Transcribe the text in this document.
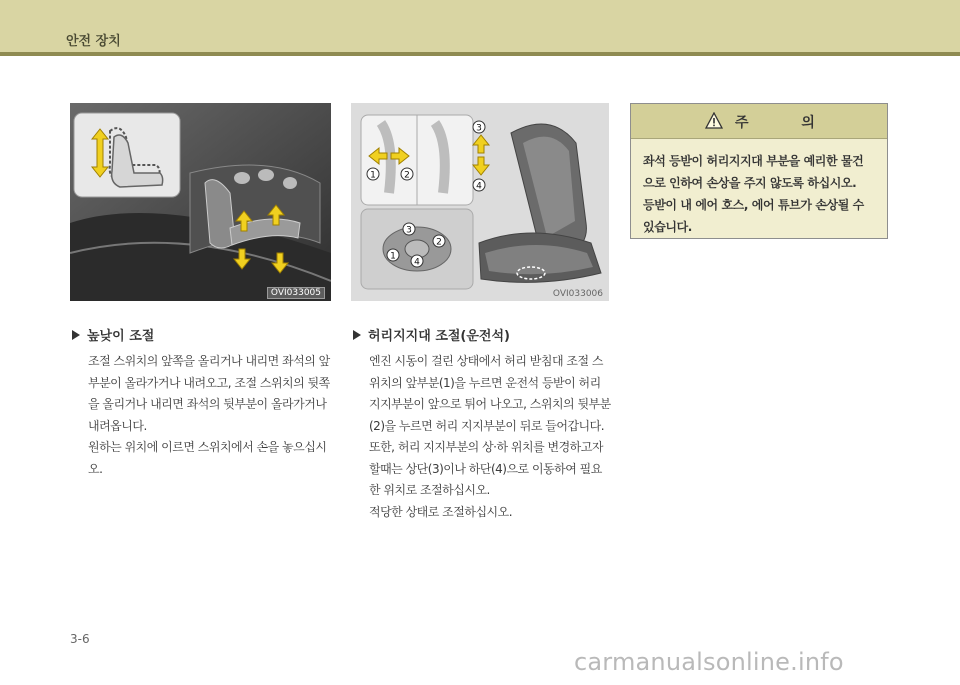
안전 장치
OVI033005
1	2
3
4
1
2
3
4
OVI033006
주 의
좌석 등받이 허리지지대 부분을 예리한 물건
으로 인하여 손상을 주지 않도록 하십시오.
등받이 내 에어 호스, 에어 튜브가 손상될 수
있습니다.
높낮이 조절

조절 스위치의 앞쪽을 올리거나 내리면 좌석의 앞부분이 올라가거나 내려오고, 조절 스위치의 뒷쪽을 올리거나 내리면 좌석의 뒷부분이 올라가거나 내려옵니다.

원하는 위치에 이르면 스위치에서 손을 놓으십시오.

허리지지대 조절(운전석)

엔진 시동이 걸린 상태에서 허리 받침대 조절 스위치의 앞부분(1)을 누르면 운전석 등받이 허리 지지부분이 앞으로 튀어 나오고, 스위치의 뒷부분(2)을 누르면 허리 지지부분이 뒤로 들어갑니다.

또한, 허리 지지부분의 상·하 위치를 변경하고자 할때는 상단(3)이나 하단(4)으로 이동하여 필요한 위치로 조절하십시오.

적당한 상태로 조절하십시오.

3-6
carmanualsonline.info
